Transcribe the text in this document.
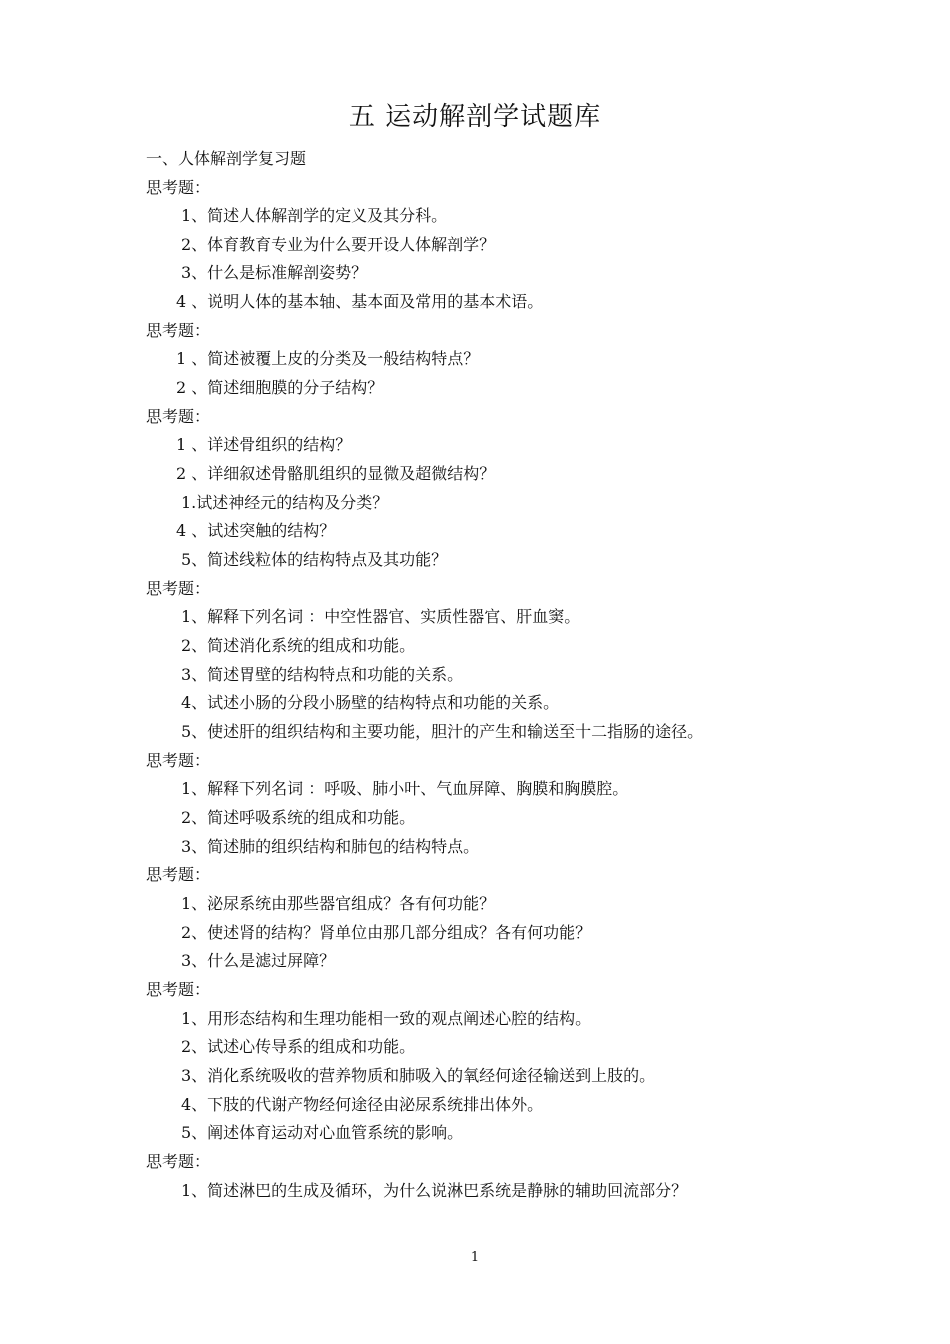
五 运动解剖学试题库
一、人体解剖学复习题
思考题：
1、简述人体解剖学的定义及其分科。
2、体育教育专业为什么要开设人体解剖学？
3、什么是标准解剖姿势？
4 、说明人体的基本轴、基本面及常用的基本术语。
思考题：
1 、简述被覆上皮的分类及一般结构特点？
2 、简述细胞膜的分子结构？
思考题：
1 、详述骨组织的结构？
2 、详细叙述骨骼肌组织的显微及超微结构？
1.试述神经元的结构及分类？
4 、试述突触的结构？
5、简述线粒体的结构特点及其功能？
思考题：
1、解释下列名词 ：中空性器官、实质性器官、肝血窦。
2、简述消化系统的组成和功能。
3、简述胃壁的结构特点和功能的关系。
4、试述小肠的分段小肠壁的结构特点和功能的关系。
5、使述肝的组织结构和主要功能，胆汁的产生和输送至十二指肠的途径。
思考题：
1、解释下列名词 ：呼吸、肺小叶、气血屏障、胸膜和胸膜腔。
2、简述呼吸系统的组成和功能。
3、简述肺的组织结构和肺包的结构特点。
思考题：
1、泌尿系统由那些器官组成？各有何功能？
2、使述肾的结构？肾单位由那几部分组成？各有何功能？
3、什么是滤过屏障？
思考题：
1、用形态结构和生理功能相一致的观点阐述心腔的结构。
2、试述心传导系的组成和功能。
3、消化系统吸收的营养物质和肺吸入的氧经何途径输送到上肢的。
4、下肢的代谢产物经何途径由泌尿系统排出体外。
5、阐述体育运动对心血管系统的影响。
思考题：
1、简述淋巴的生成及循环，为什么说淋巴系统是静脉的辅助回流部分？
1
